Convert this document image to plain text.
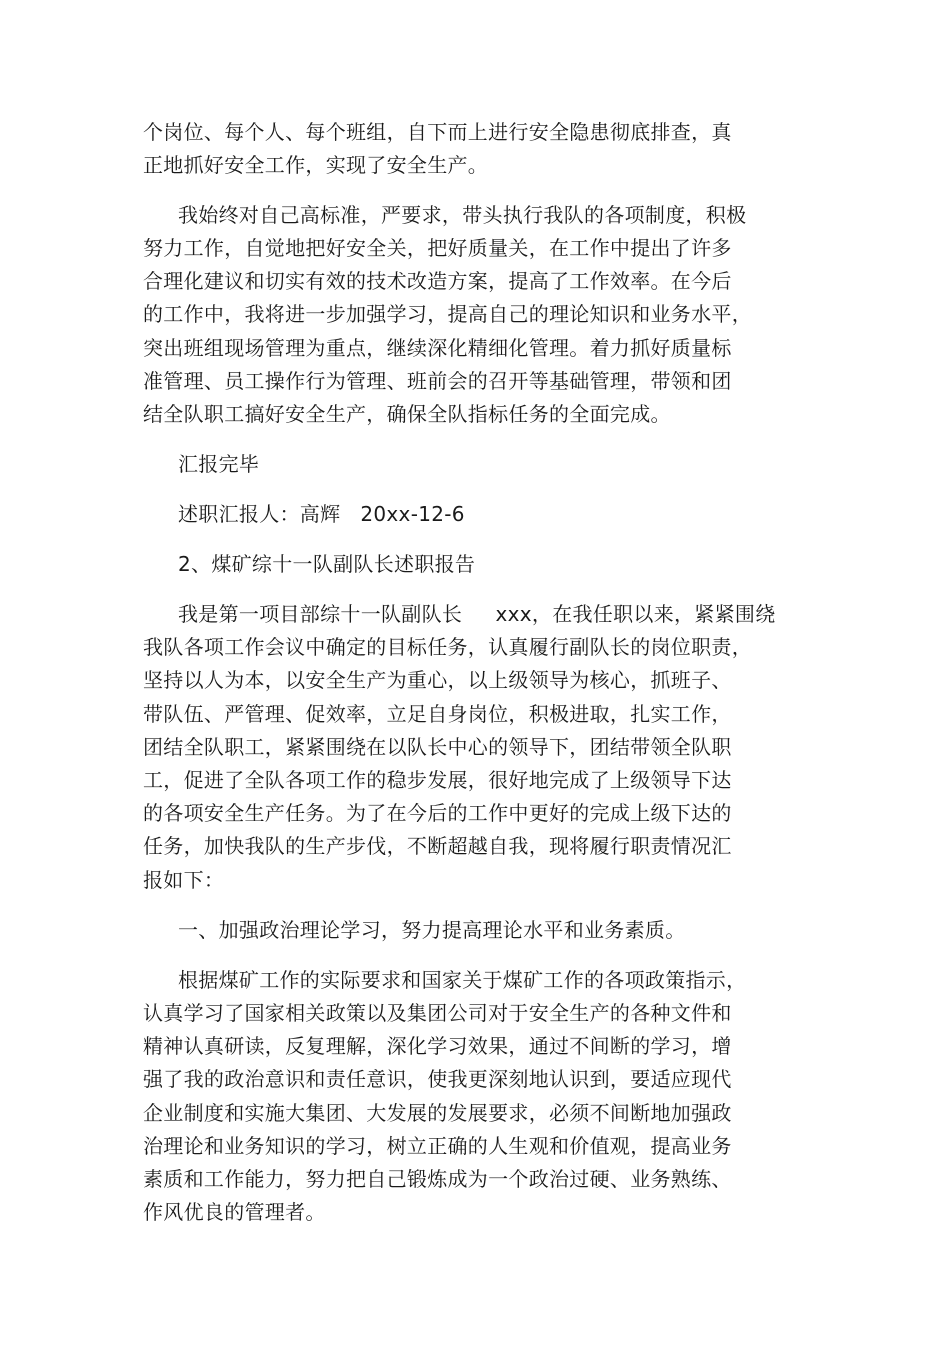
个岗位、每个人、每个班组，自下而上进行安全隐患彻底排查，真
正地抓好安全工作，实现了安全生产。
我始终对自己高标准，严要求，带头执行我队的各项制度，积极
努力工作，自觉地把好安全关，把好质量关，在工作中提出了许多
合理化建议和切实有效的技术改造方案，提高了工作效率。在今后
的工作中，我将进一步加强学习，提高自己的理论知识和业务水平，
突出班组现场管理为重点，继续深化精细化管理。着力抓好质量标
准管理、员工操作行为管理、班前会的召开等基础管理，带领和团
结全队职工搞好安全生产，确保全队指标任务的全面完成。
汇报完毕
述职汇报人：高辉   20xx-12-6
2、煤矿综十一队副队长述职报告
我是第一项目部综十一队副队长     xxx，在我任职以来，紧紧围绕
我队各项工作会议中确定的目标任务，认真履行副队长的岗位职责，
坚持以人为本，以安全生产为重心，以上级领导为核心，抓班子、
带队伍、严管理、促效率，立足自身岗位，积极进取，扎实工作，
团结全队职工，紧紧围绕在以队长中心的领导下，团结带领全队职
工，促进了全队各项工作的稳步发展，很好地完成了上级领导下达
的各项安全生产任务。为了在今后的工作中更好的完成上级下达的
任务，加快我队的生产步伐，不断超越自我，现将履行职责情况汇
报如下：
一、加强政治理论学习，努力提高理论水平和业务素质。
根据煤矿工作的实际要求和国家关于煤矿工作的各项政策指示，
认真学习了国家相关政策以及集团公司对于安全生产的各种文件和
精神认真研读，反复理解，深化学习效果，通过不间断的学习，增
强了我的政治意识和责任意识，使我更深刻地认识到，要适应现代
企业制度和实施大集团、大发展的发展要求，必须不间断地加强政
治理论和业务知识的学习，树立正确的人生观和价值观，提高业务
素质和工作能力，努力把自己锻炼成为一个政治过硬、业务熟练、
作风优良的管理者。
